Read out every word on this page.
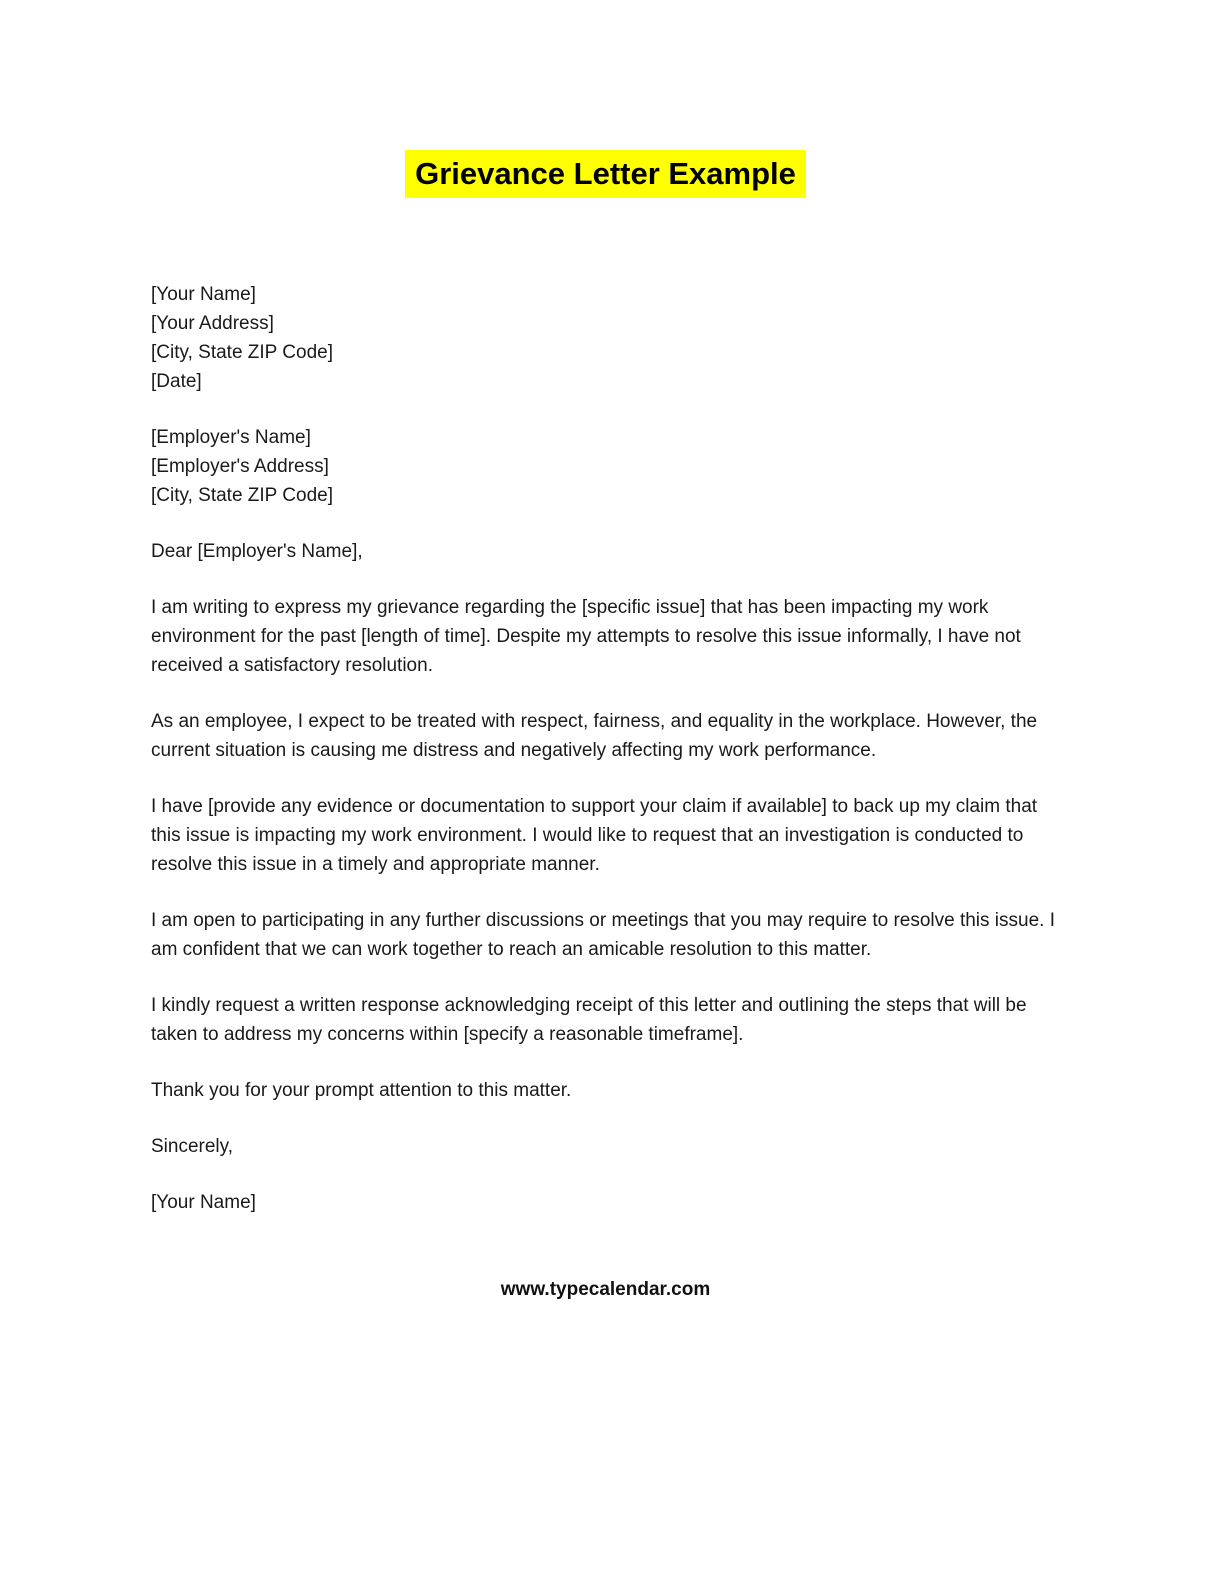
Grievance Letter Example
[Your Name]
[Your Address]
[City, State ZIP Code]
[Date]
[Employer's Name]
[Employer's Address]
[City, State ZIP Code]
Dear [Employer's Name],

I am writing to express my grievance regarding the [specific issue] that has been impacting my work environment for the past [length of time]. Despite my attempts to resolve this issue informally, I have not received a satisfactory resolution.

As an employee, I expect to be treated with respect, fairness, and equality in the workplace. However, the current situation is causing me distress and negatively affecting my work performance.

I have [provide any evidence or documentation to support your claim if available] to back up my claim that this issue is impacting my work environment. I would like to request that an investigation is conducted to resolve this issue in a timely and appropriate manner.

I am open to participating in any further discussions or meetings that you may require to resolve this issue. I am confident that we can work together to reach an amicable resolution to this matter.

I kindly request a written response acknowledging receipt of this letter and outlining the steps that will be taken to address my concerns within [specify a reasonable timeframe].

Thank you for your prompt attention to this matter.

Sincerely,
[Your Name]
www.typecalendar.com
